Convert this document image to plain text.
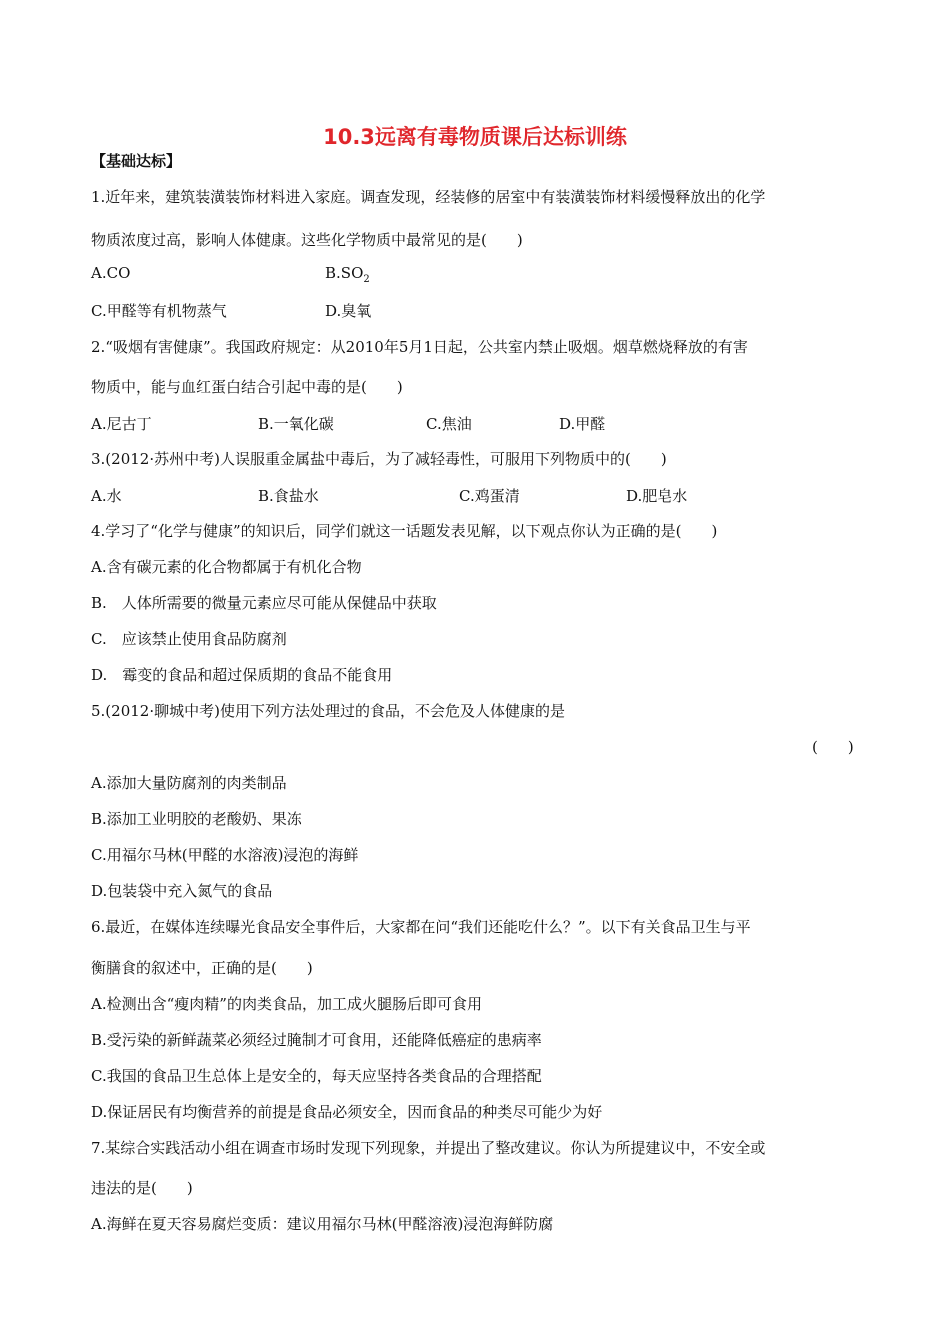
10.3远离有毒物质课后达标训练
【基础达标】
1.近年来，建筑装潢装饰材料进入家庭。调查发现，经装修的居室中有装潢装饰材料缓慢释放出的化学
物质浓度过高，影响人体健康。这些化学物质中最常见的是(　　)
A.CO	$B.SO_2$
C.甲醛等有机物蒸气	D.臭氧
2.“吸烟有害健康”。我国政府规定：从2010年5月1日起，公共室内禁止吸烟。烟草燃烧释放的有害
物质中，能与血红蛋白结合引起中毒的是(　　)
A.尼古丁	B.一氧化碳	C.焦油	D.甲醛
3.(2012·苏州中考)人误服重金属盐中毒后，为了减轻毒性，可服用下列物质中的(　　)
A.水	B.食盐水	C.鸡蛋清	D.肥皂水
4.学习了“化学与健康”的知识后，同学们就这一话题发表见解，以下观点你认为正确的是(　　)
A.含有碳元素的化合物都属于有机化合物
B.　人体所需要的微量元素应尽可能从保健品中获取
C.　应该禁止使用食品防腐剂
D.　霉变的食品和超过保质期的食品不能食用
5.(2012·聊城中考)使用下列方法处理过的食品，不会危及人体健康的是
(　　)
A.添加大量防腐剂的肉类制品
B.添加工业明胶的老酸奶、果冻
C.用福尔马林(甲醛的水溶液)浸泡的海鲜
D.包装袋中充入氮气的食品
6.最近，在媒体连续曝光食品安全事件后，大家都在问“我们还能吃什么？”。以下有关食品卫生与平
衡膳食的叙述中，正确的是(　　)
A.检测出含“瘦肉精”的肉类食品，加工成火腿肠后即可食用
B.受污染的新鲜蔬菜必须经过腌制才可食用，还能降低癌症的患病率
C.我国的食品卫生总体上是安全的，每天应坚持各类食品的合理搭配
D.保证居民有均衡营养的前提是食品必须安全，因而食品的种类尽可能少为好
7.某综合实践活动小组在调查市场时发现下列现象，并提出了整改建议。你认为所提建议中，不安全或
违法的是(　　)
A.海鲜在夏天容易腐烂变质：建议用福尔马林(甲醛溶液)浸泡海鲜防腐
